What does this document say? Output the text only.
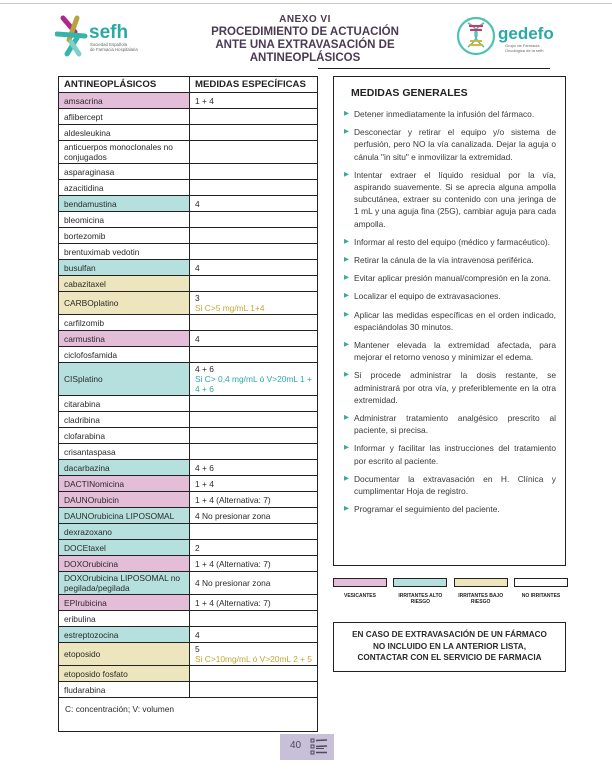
sefh
Sociedad Española
de Farmacia Hospitalaria
ANEXO VI
PROCEDIMIENTO DE ACTUACIÓN
ANTE UNA EXTRAVASACIÓN DE ANTINEOPLÁSICOS
gedefo
Grupo de Farmacia
Oncológica de la sefh
ANTINEOPLÁSICOS	MEDIDAS ESPECÍFICAS
amsacrina	1 + 4

aflibercept	

aldesleukina	

anticuerpos monoclonales no conjugados	

asparaginasa	

azacitidina	

bendamustina	4

bleomicina	

bortezomib	

brentuximab vedotin	

busulfan	4

cabazitaxel	

CARBOplatino	3
Si C>5 mg/mL 1+4

carfilzomib	

carmustina	4

ciclofosfamida	

CISplatino	4 + 6
Si C> 0,4 mg/mL ó V>20mL 1 + 4 + 6

citarabina	

cladribina	

clofarabina	

crisantaspasa	

dacarbazina	4 + 6

DACTINomicina	1 + 4

DAUNOrubicin	1 + 4 (Alternativa: 7)

DAUNOrubicina LIPOSOMAL	4 No presionar zona

dexrazoxano	

DOCEtaxel	2

DOXOrubicina	1 + 4 (Alternativa: 7)

DOXOrubicina LIPOSOMAL no pegilada/pegilada	4 No presionar zona

EPIrubicina	1 + 4 (Alternativa: 7)

eribulina	

estreptozocina	4

etoposido	5
Si C>10mg/mL ó V>20mL 2 + 5

etoposido fosfato	

fludarabina	

C: concentración; V: volumen	
MEDIDAS GENERALES
▶ Detener inmediatamente la infusión del fármaco.
▶ Desconectar y retirar el equipo y/o sistema de perfusión, pero NO la vía canalizada. Dejar la aguja o cánula "in situ" e inmovilizar la extremidad.
▶ Intentar extraer el líquido residual por la vía, aspirando suavemente. Si se aprecia alguna ampolla subcutánea, extraer su contenido con una jeringa de 1 mL y una aguja fina (25G), cambiar aguja para cada ampolla.
▶ Informar al resto del equipo (médico y farmacéutico).
▶ Retirar la cánula de la vía intravenosa periférica.
▶ Evitar aplicar presión manual/compresión en la zona.
▶ Localizar el equipo de extravasaciones.
▶ Aplicar las medidas específicas en el orden indicado, espaciándolas 30 minutos.
▶ Mantener elevada la extremidad afectada, para mejorar el retorno venoso y minimizar el edema.
▶ Si procede administrar la dosis restante, se administrará por otra vía, y preferiblemente en la otra extremidad.
▶ Administrar tratamiento analgésico prescrito al paciente, si precisa.
▶ Informar y facilitar las instrucciones del tratamiento por escrito al paciente.
▶ Documentar la extravasación en H. Clínica y cumplimentar Hoja de registro.
▶ Programar el seguimiento del paciente.
VESICANTES	IRRITANTES ALTO RIESGO
IRRITANTES BAJO RIESGO
NO IRRITANTES
EN CASO DE EXTRAVASACIÓN DE UN FÁRMACO
NO INCLUIDO EN LA ANTERIOR LISTA,
CONTACTAR CON EL SERVICIO DE FARMACIA
40
